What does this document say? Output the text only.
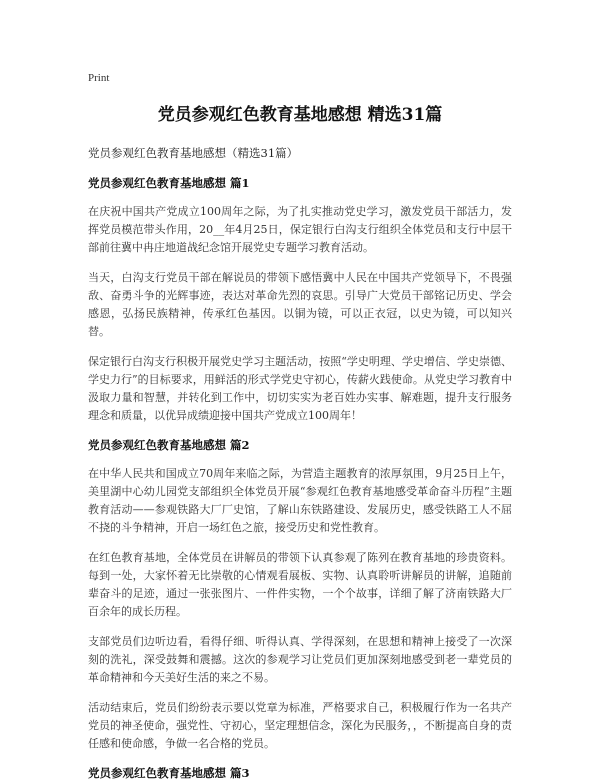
Print
党员参观红色教育基地感想 精选31篇

党员参观红色教育基地感想（精选31篇）

党员参观红色教育基地感想 篇1

在庆祝中国共产党成立100周年之际，为了扎实推动党史学习，激发党员干部活力，发挥党员模范带头作用，20__年4月25日，保定银行白沟支行组织全体党员和支行中层干部前往冀中冉庄地道战纪念馆开展党史专题学习教育活动。

当天，白沟支行党员干部在解说员的带领下感悟冀中人民在中国共产党领导下，不畏强敌、奋勇斗争的光辉事迹，表达对革命先烈的哀思。引导广大党员干部铭记历史、学会感恩，弘扬民族精神，传承红色基因。以铜为镜，可以正衣冠，以史为镜，可以知兴替。

保定银行白沟支行积极开展党史学习主题活动，按照“学史明理、学史增信、学史崇德、学史力行”的目标要求，用鲜活的形式学党史守初心，传薪火践使命。从党史学习教育中汲取力量和智慧，并转化到工作中，切切实实为老百姓办实事、解难题，提升支行服务理念和质量，以优异成绩迎接中国共产党成立100周年！

党员参观红色教育基地感想 篇2

在中华人民共和国成立70周年来临之际，为营造主题教育的浓厚氛围，9月25日上午，美里湖中心幼儿园党支部组织全体党员开展“参观红色教育基地感受革命奋斗历程”主题教育活动——参观铁路大厂厂史馆，了解山东铁路建设、发展历史，感受铁路工人不屈不挠的斗争精神，开启一场红色之旅，接受历史和党性教育。

在红色教育基地，全体党员在讲解员的带领下认真参观了陈列在教育基地的珍贵资料。每到一处，大家怀着无比崇敬的心情观看展板、实物、认真聆听讲解员的讲解，追随前辈奋斗的足迹，通过一张张图片、一件件实物，一个个故事，详细了解了济南铁路大厂百余年的成长历程。

支部党员们边听边看，看得仔细、听得认真、学得深刻，在思想和精神上接受了一次深刻的洗礼，深受鼓舞和震撼。这次的参观学习让党员们更加深刻地感受到老一辈党员的革命精神和今天美好生活的来之不易。

活动结束后，党员们纷纷表示要以党章为标准，严格要求自己，积极履行作为一名共产党员的神圣使命，强党性、守初心，坚定理想信念，深化为民服务，，不断提高自身的责任感和使命感，争做一名合格的党员。

党员参观红色教育基地感想 篇3
